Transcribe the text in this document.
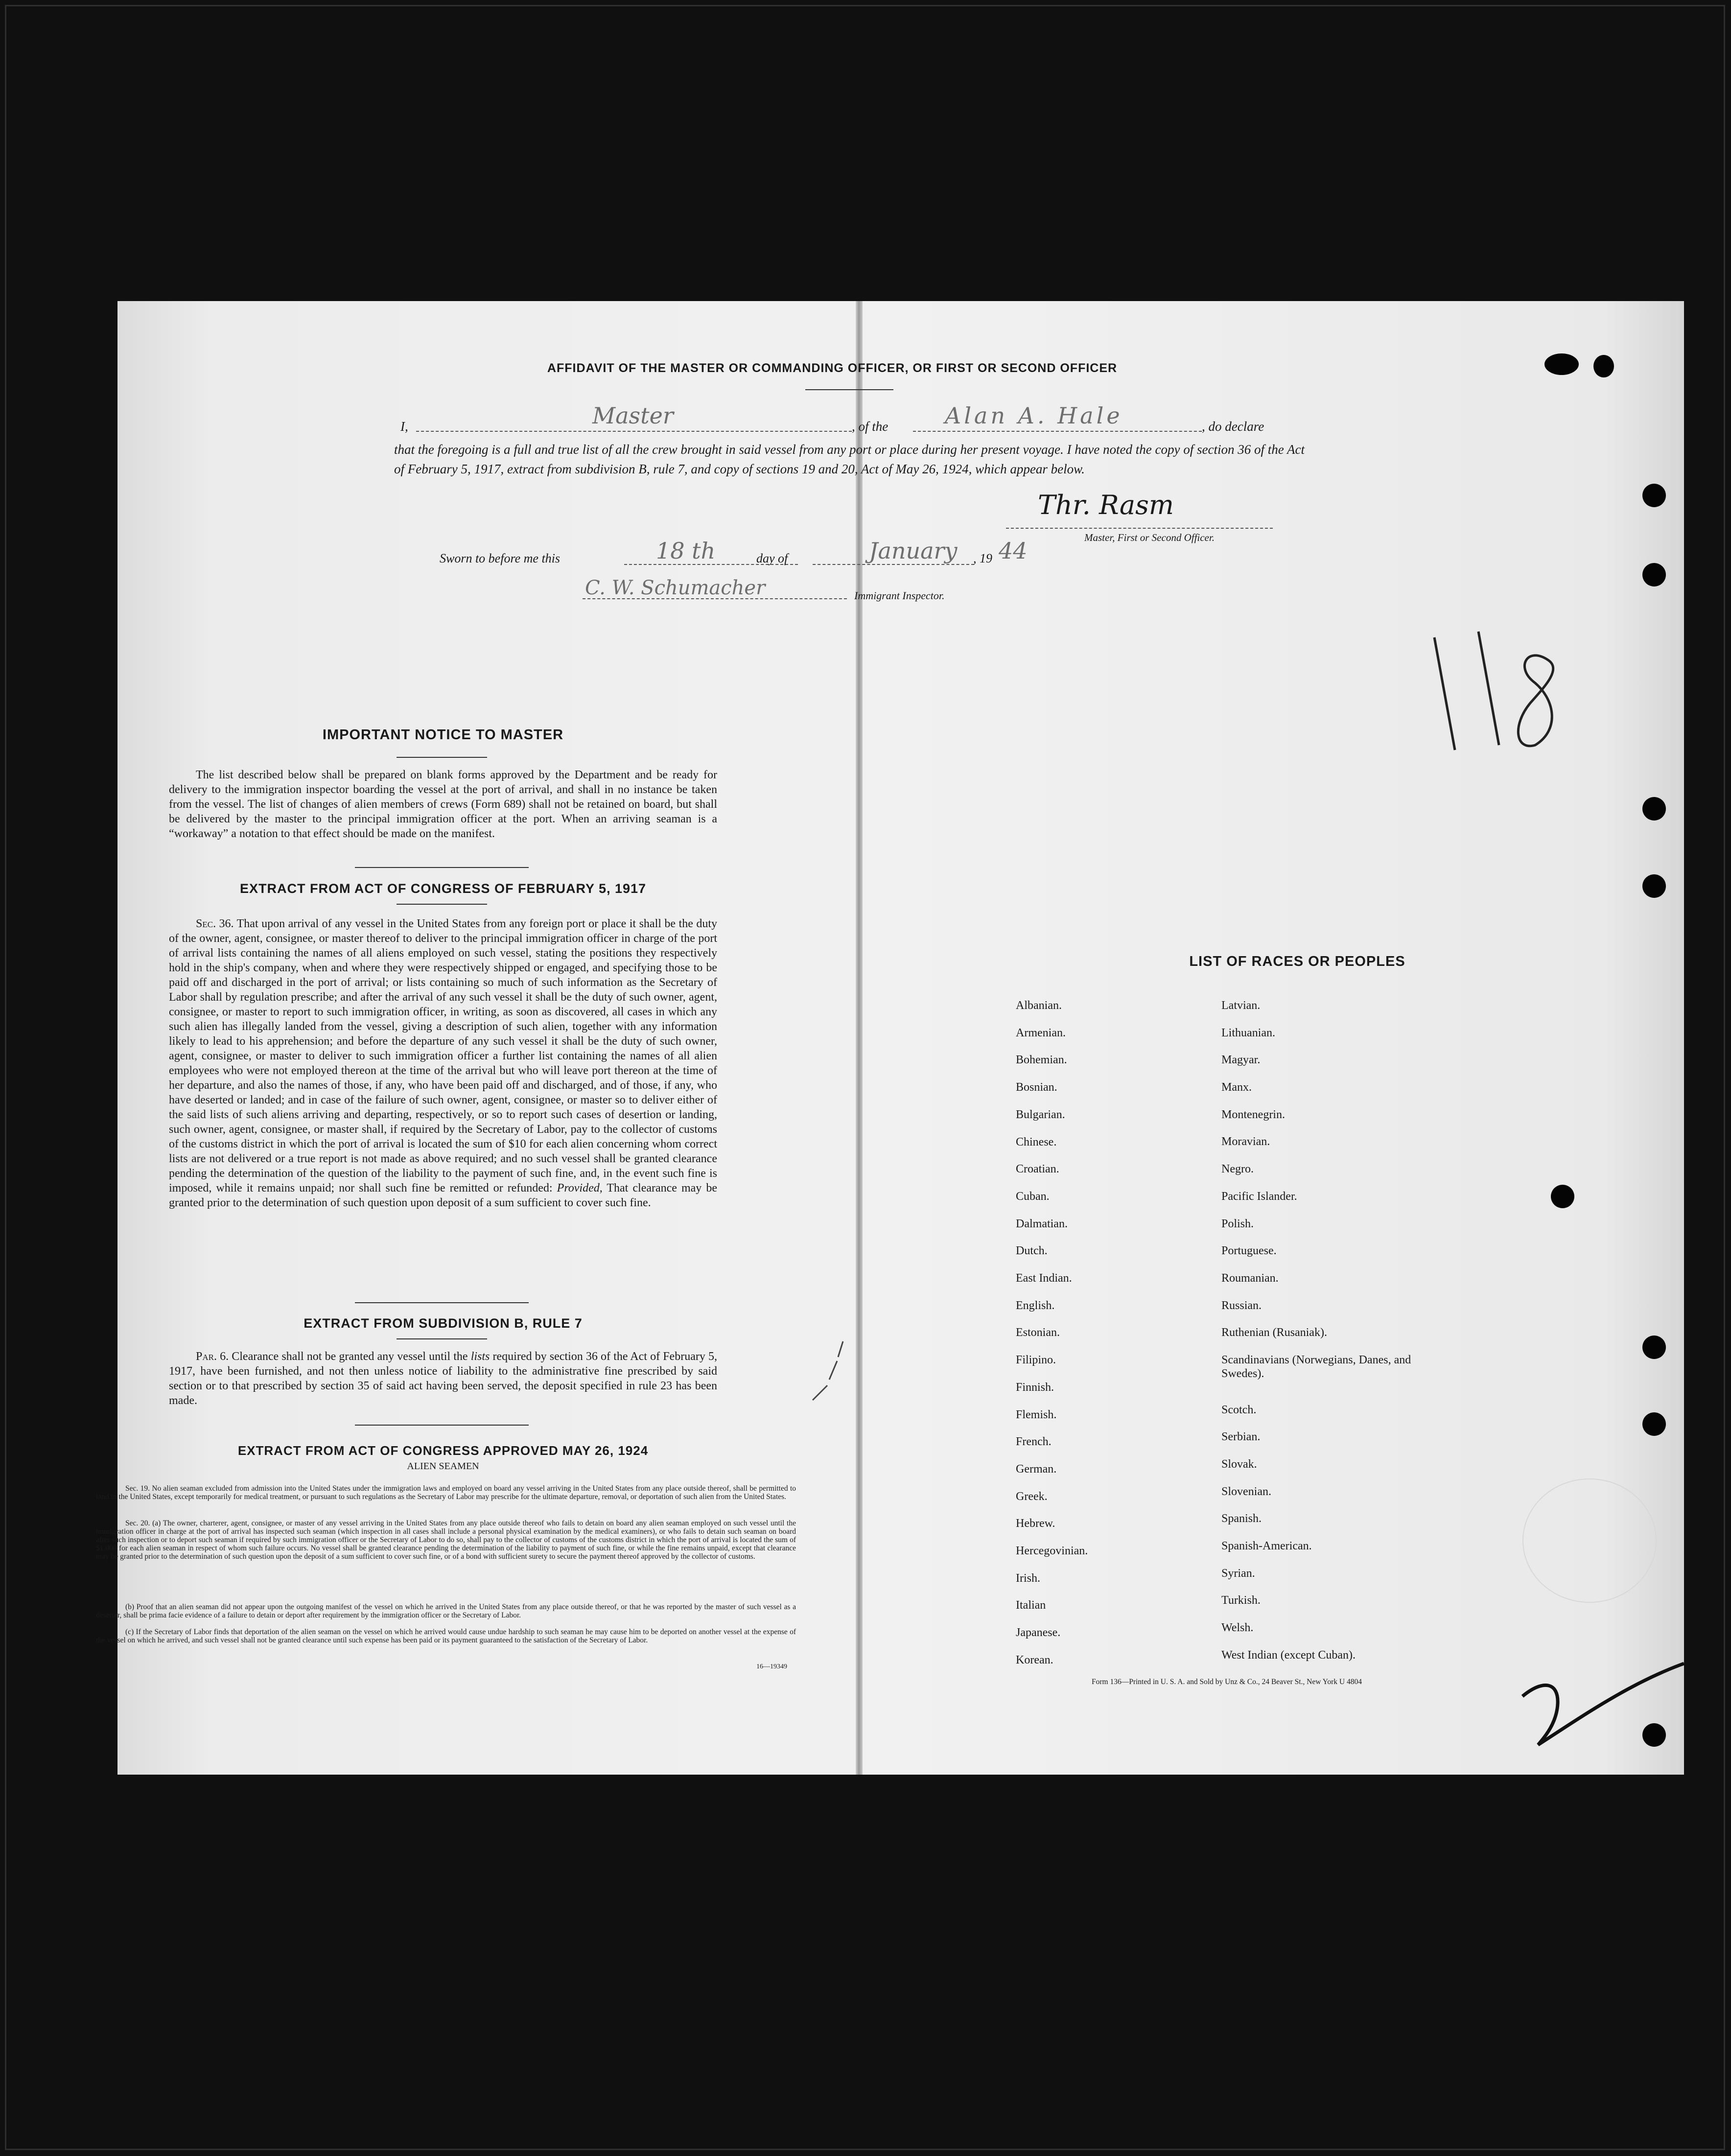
AFFIDAVIT OF THE MASTER OR COMMANDING OFFICER, OR FIRST OR SECOND OFFICER
I,	Master	, of the	Alan A. Hale	, do declare
that the foregoing is a full and true list of all the crew brought in said vessel from any port or place during her present voyage. I have noted the copy of section 36 of the Act of February 5, 1917, extract from subdivision B, rule 7, and copy of sections 19 and 20, Act of May 26, 1924, which appear below.
Thr. Rasm
Master, First or Second Officer.
Sworn to before me this	18 th	day of	January , 19 44
C. W. Schumacher	Immigrant Inspector.
IMPORTANT NOTICE TO MASTER
The list described below shall be prepared on blank forms approved by the Department and be ready for delivery to the immigration inspector boarding the vessel at the port of arrival, and shall in no instance be taken from the vessel. The list of changes of alien members of crews (Form 689) shall not be retained on board, but shall be delivered by the master to the principal immigration officer at the port. When an arriving seaman is a “workaway” a notation to that effect should be made on the manifest.
EXTRACT FROM ACT OF CONGRESS OF FEBRUARY 5, 1917
Sec. 36. That upon arrival of any vessel in the United States from any foreign port or place it shall be the duty of the owner, agent, consignee, or master thereof to deliver to the principal immigration officer in charge of the port of arrival lists containing the names of all aliens employed on such vessel, stating the positions they respectively hold in the ship's company, when and where they were respectively shipped or engaged, and specifying those to be paid off and discharged in the port of arrival; or lists containing so much of such information as the Secretary of Labor shall by regulation prescribe; and after the arrival of any such vessel it shall be the duty of such owner, agent, consignee, or master to report to such immigration officer, in writing, as soon as discovered, all cases in which any such alien has illegally landed from the vessel, giving a description of such alien, together with any information likely to lead to his apprehension; and before the departure of any such vessel it shall be the duty of such owner, agent, consignee, or master to deliver to such immigration officer a further list containing the names of all alien employees who were not employed thereon at the time of the arrival but who will leave port thereon at the time of her departure, and also the names of those, if any, who have been paid off and discharged, and of those, if any, who have deserted or landed; and in case of the failure of such owner, agent, consignee, or master so to deliver either of the said lists of such aliens arriving and departing, respectively, or so to report such cases of desertion or landing, such owner, agent, consignee, or master shall, if required by the Secretary of Labor, pay to the collector of customs of the customs district in which the port of arrival is located the sum of $10 for each alien concerning whom correct lists are not delivered or a true report is not made as above required; and no such vessel shall be granted clearance pending the determination of the question of the liability to the payment of such fine, and, in the event such fine is imposed, while it remains unpaid; nor shall such fine be remitted or refunded: Provided, That clearance may be granted prior to the determination of such question upon deposit of a sum sufficient to cover such fine.
EXTRACT FROM SUBDIVISION B, RULE 7
Par. 6. Clearance shall not be granted any vessel until the lists required by section 36 of the Act of February 5, 1917, have been furnished, and not then unless notice of liability to the administrative fine prescribed by said section or to that prescribed by section 35 of said act having been served, the deposit specified in rule 23 has been made.
EXTRACT FROM ACT OF CONGRESS APPROVED MAY 26, 1924
ALIEN SEAMEN
Sec. 19. No alien seaman excluded from admission into the United States under the immigration laws and employed on board any vessel arriving in the United States from any place outside thereof, shall be permitted to land in the United States, except temporarily for medical treatment, or pursuant to such regulations as the Secretary of Labor may prescribe for the ultimate departure, removal, or deportation of such alien from the United States.
Sec. 20. (a) The owner, charterer, agent, consignee, or master of any vessel arriving in the United States from any place outside thereof who fails to detain on board any alien seaman employed on such vessel until the immigration officer in charge at the port of arrival has inspected such seaman (which inspection in all cases shall include a personal physical examination by the medical examiners), or who fails to detain such seaman on board after such inspection or to deport such seaman if required by such immigration officer or the Secretary of Labor to do so, shall pay to the collector of customs of the customs district in which the port of arrival is located the sum of $1,000 for each alien seaman in respect of whom such failure occurs. No vessel shall be granted clearance pending the determination of the liability to payment of such fine, or while the fine remains unpaid, except that clearance may be granted prior to the determination of such question upon the deposit of a sum sufficient to cover such fine, or of a bond with sufficient surety to secure the payment thereof approved by the collector of customs.
(b) Proof that an alien seaman did not appear upon the outgoing manifest of the vessel on which he arrived in the United States from any place outside thereof, or that he was reported by the master of such vessel as a deserter, shall be prima facie evidence of a failure to detain or deport after requirement by the immigration officer or the Secretary of Labor.
(c) If the Secretary of Labor finds that deportation of the alien seaman on the vessel on which he arrived would cause undue hardship to such seaman he may cause him to be deported on another vessel at the expense of the vessel on which he arrived, and such vessel shall not be granted clearance until such expense has been paid or its payment guaranteed to the satisfaction of the Secretary of Labor.
16—19349
LIST OF RACES OR PEOPLES
Albanian.
Armenian.
Bohemian.
Bosnian.
Bulgarian.
Chinese.
Croatian.
Cuban.
Dalmatian.
Dutch.
East Indian.
English.
Estonian.
Filipino.
Finnish.
Flemish.
French.
German.
Greek.
Hebrew.
Hercegovinian.
Irish.
Italian
Japanese.
Korean.
Latvian.
Lithuanian.
Magyar.
Manx.
Montenegrin.
Moravian.
Negro.
Pacific Islander.
Polish.
Portuguese.
Roumanian.
Russian.
Ruthenian (Rusaniak).
Scandinavians (Norwegians, Danes, and Swedes).
Scotch.
Serbian.
Slovak.
Slovenian.
Spanish.
Spanish-American.
Syrian.
Turkish.
Welsh.
West Indian (except Cuban).
Form 136—Printed in U. S. A. and Sold by Unz & Co., 24 Beaver St., New York U 4804
